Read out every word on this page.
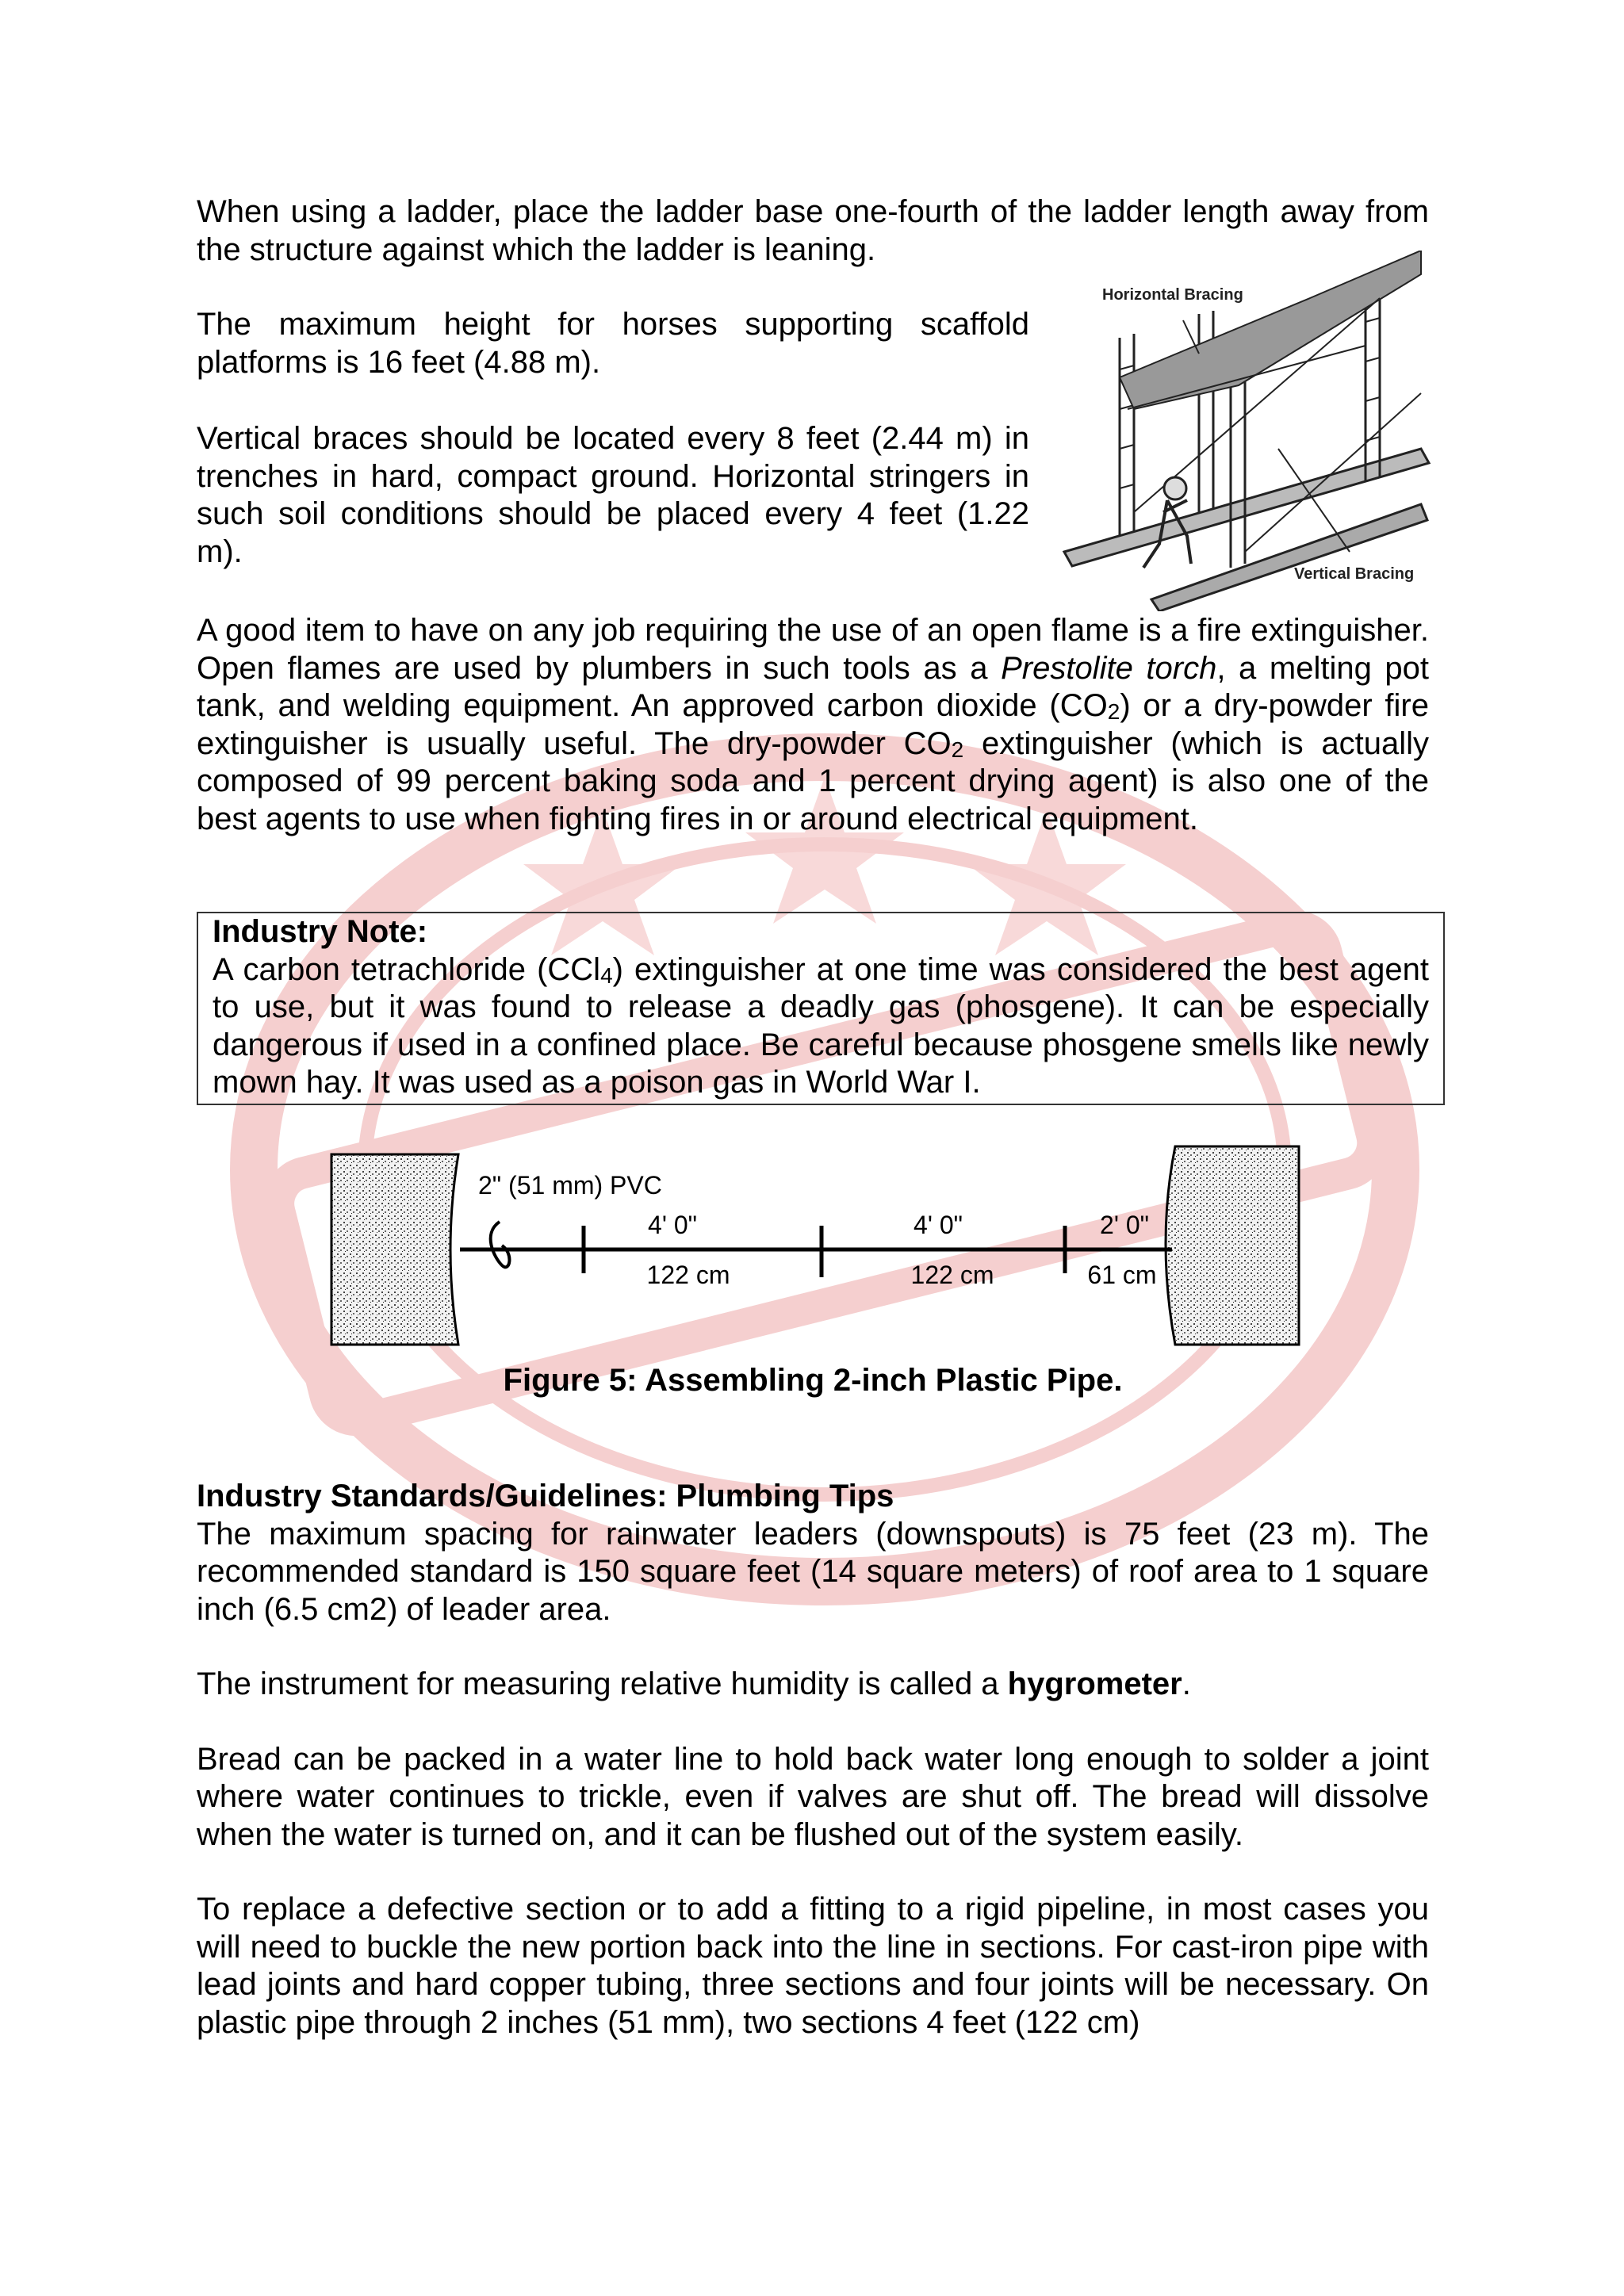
When using a ladder, place the ladder base one-fourth of the ladder length away from the structure against which the ladder is leaning.

The maximum height for horses supporting scaffold platforms is 16 feet (4.88 m).

Vertical braces should be located every 8 feet (2.44 m) in trenches in hard, compact ground. Horizontal stringers in such soil conditions should be placed every 4 feet (1.22 m).

Horizontal Bracing
Vertical Bracing

A good item to have on any job requiring the use of an open flame is a fire extinguisher. Open flames are used by plumbers in such tools as a Prestolite torch, a melting pot tank, and welding equipment. An approved carbon dioxide $(CO_2)$ or a dry-powder fire extinguisher is usually useful. The dry-powder $CO_2$ extinguisher (which is actually composed of 99 percent baking soda and 1 percent drying agent) is also one of the best agents to use when fighting fires in or around electrical equipment.

Industry Note:

A carbon tetrachloride (CCl$_4$) extinguisher at one time was considered the best agent to use, but it was found to release a deadly gas (phosgene). It can be especially dangerous if used in a confined place. Be careful because phosgene smells like newly mown hay. It was used as a poison gas in World War I.

2" (51 mm) PVC
4' 0"
122 cm
4' 0"
122 cm
2' 0"
61 cm
Figure 5: Assembling 2-inch Plastic Pipe.

Industry Standards/Guidelines: Plumbing Tips

The maximum spacing for rainwater leaders (downspouts) is 75 feet (23 m). The recommended standard is 150 square feet (14 square meters) of roof area to 1 square inch (6.5 cm2) of leader area.

The instrument for measuring relative humidity is called a hygrometer.

Bread can be packed in a water line to hold back water long enough to solder a joint where water continues to trickle, even if valves are shut off. The bread will dissolve when the water is turned on, and it can be flushed out of the system easily.

To replace a defective section or to add a fitting to a rigid pipeline, in most cases you will need to buckle the new portion back into the line in sections. For cast-iron pipe with lead joints and hard copper tubing, three sections and four joints will be necessary. On plastic pipe through 2 inches (51 mm), two sections 4 feet (122 cm)
